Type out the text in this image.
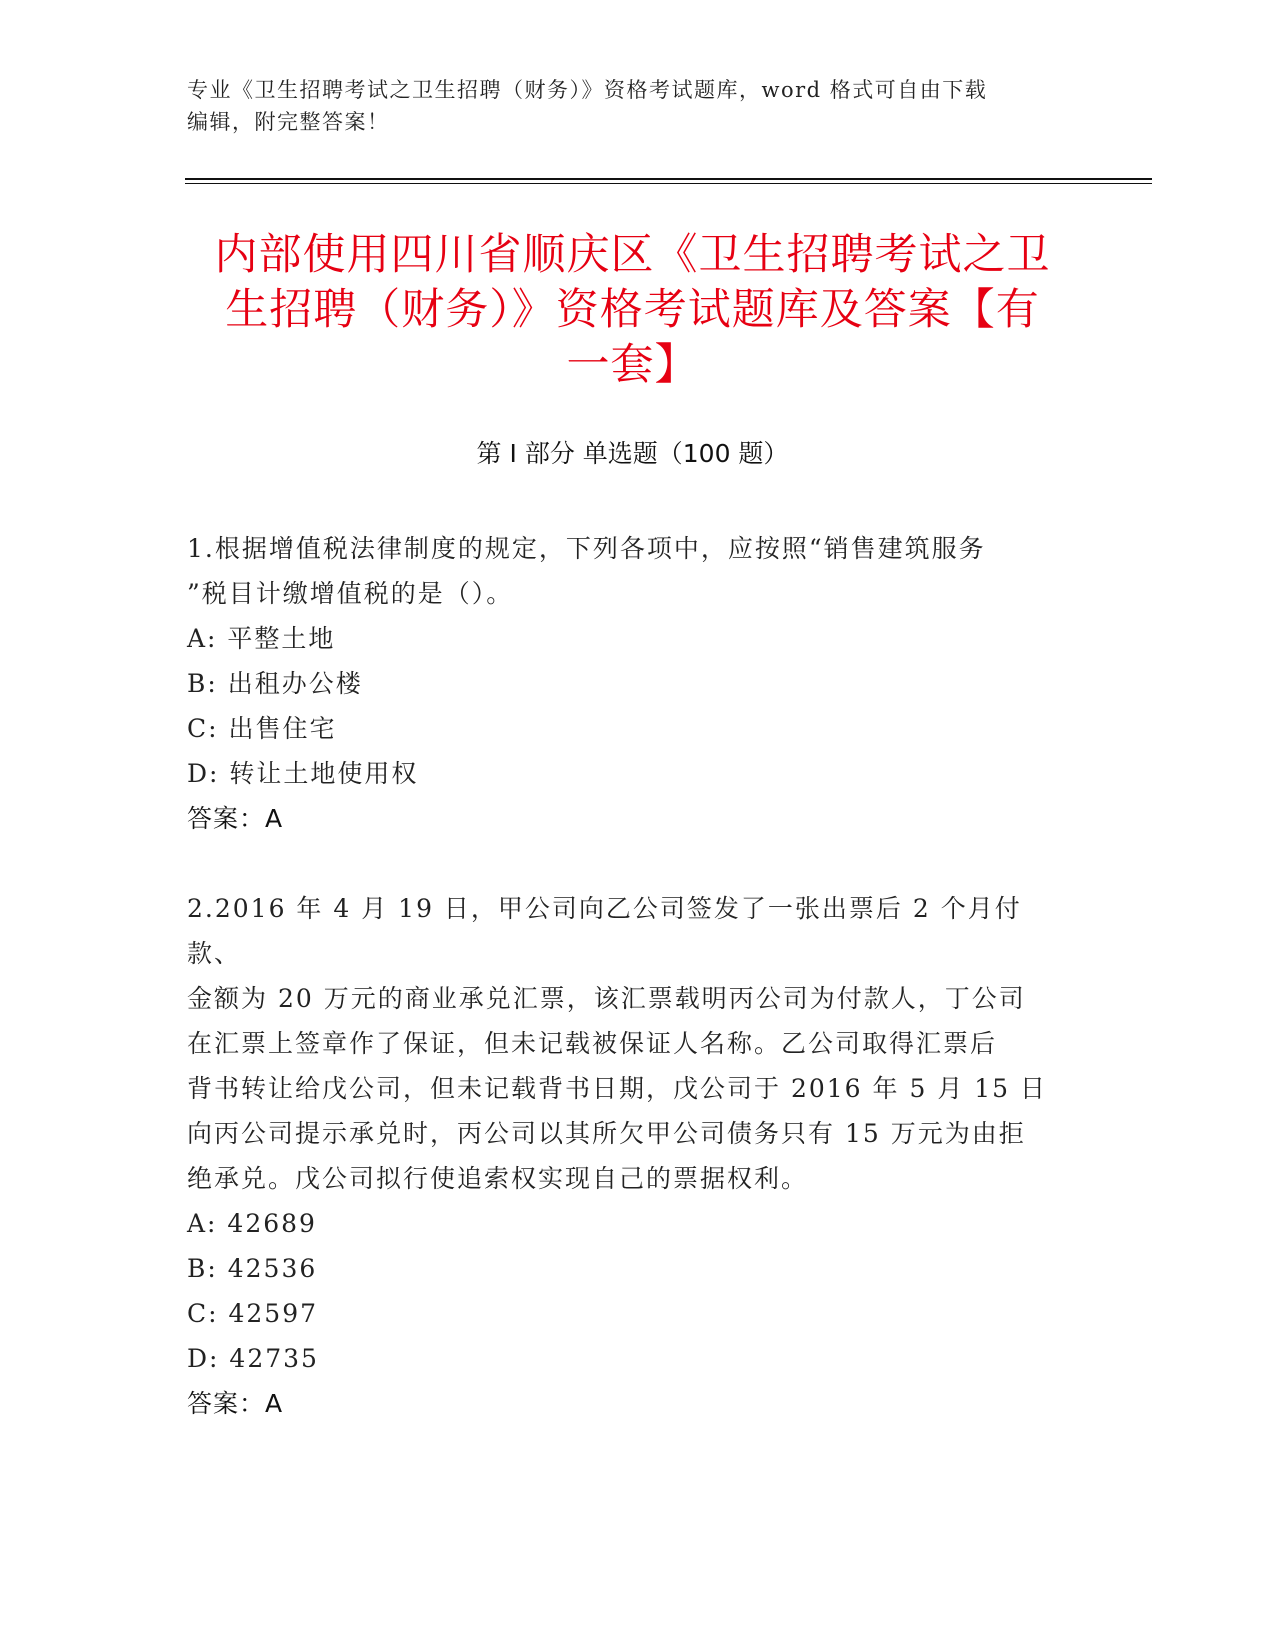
专业《卫生招聘考试之卫生招聘（财务）》资格考试题库，word 格式可自由下载
编辑，附完整答案！
内部使用四川省顺庆区《卫生招聘考试之卫
生招聘（财务）》资格考试题库及答案【有
一套】
第 I 部分 单选题（100 题）

1.根据增值税法律制度的规定，下列各项中，应按照“销售建筑服务

”税目计缴增值税的是（）。

A: 平整土地

B: 出租办公楼

C: 出售住宅

D: 转让土地使用权

答案：A

2.2016 年 4 月 19 日，甲公司向乙公司签发了一张出票后 2 个月付款、

金额为 20 万元的商业承兑汇票，该汇票载明丙公司为付款人，丁公司

在汇票上签章作了保证，但未记载被保证人名称。乙公司取得汇票后

背书转让给戊公司，但未记载背书日期，戊公司于 2016 年 5 月 15 日

向丙公司提示承兑时，丙公司以其所欠甲公司债务只有 15 万元为由拒

绝承兑。戊公司拟行使追索权实现自己的票据权利。

A: 42689

B: 42536

C: 42597

D: 42735

答案：A
